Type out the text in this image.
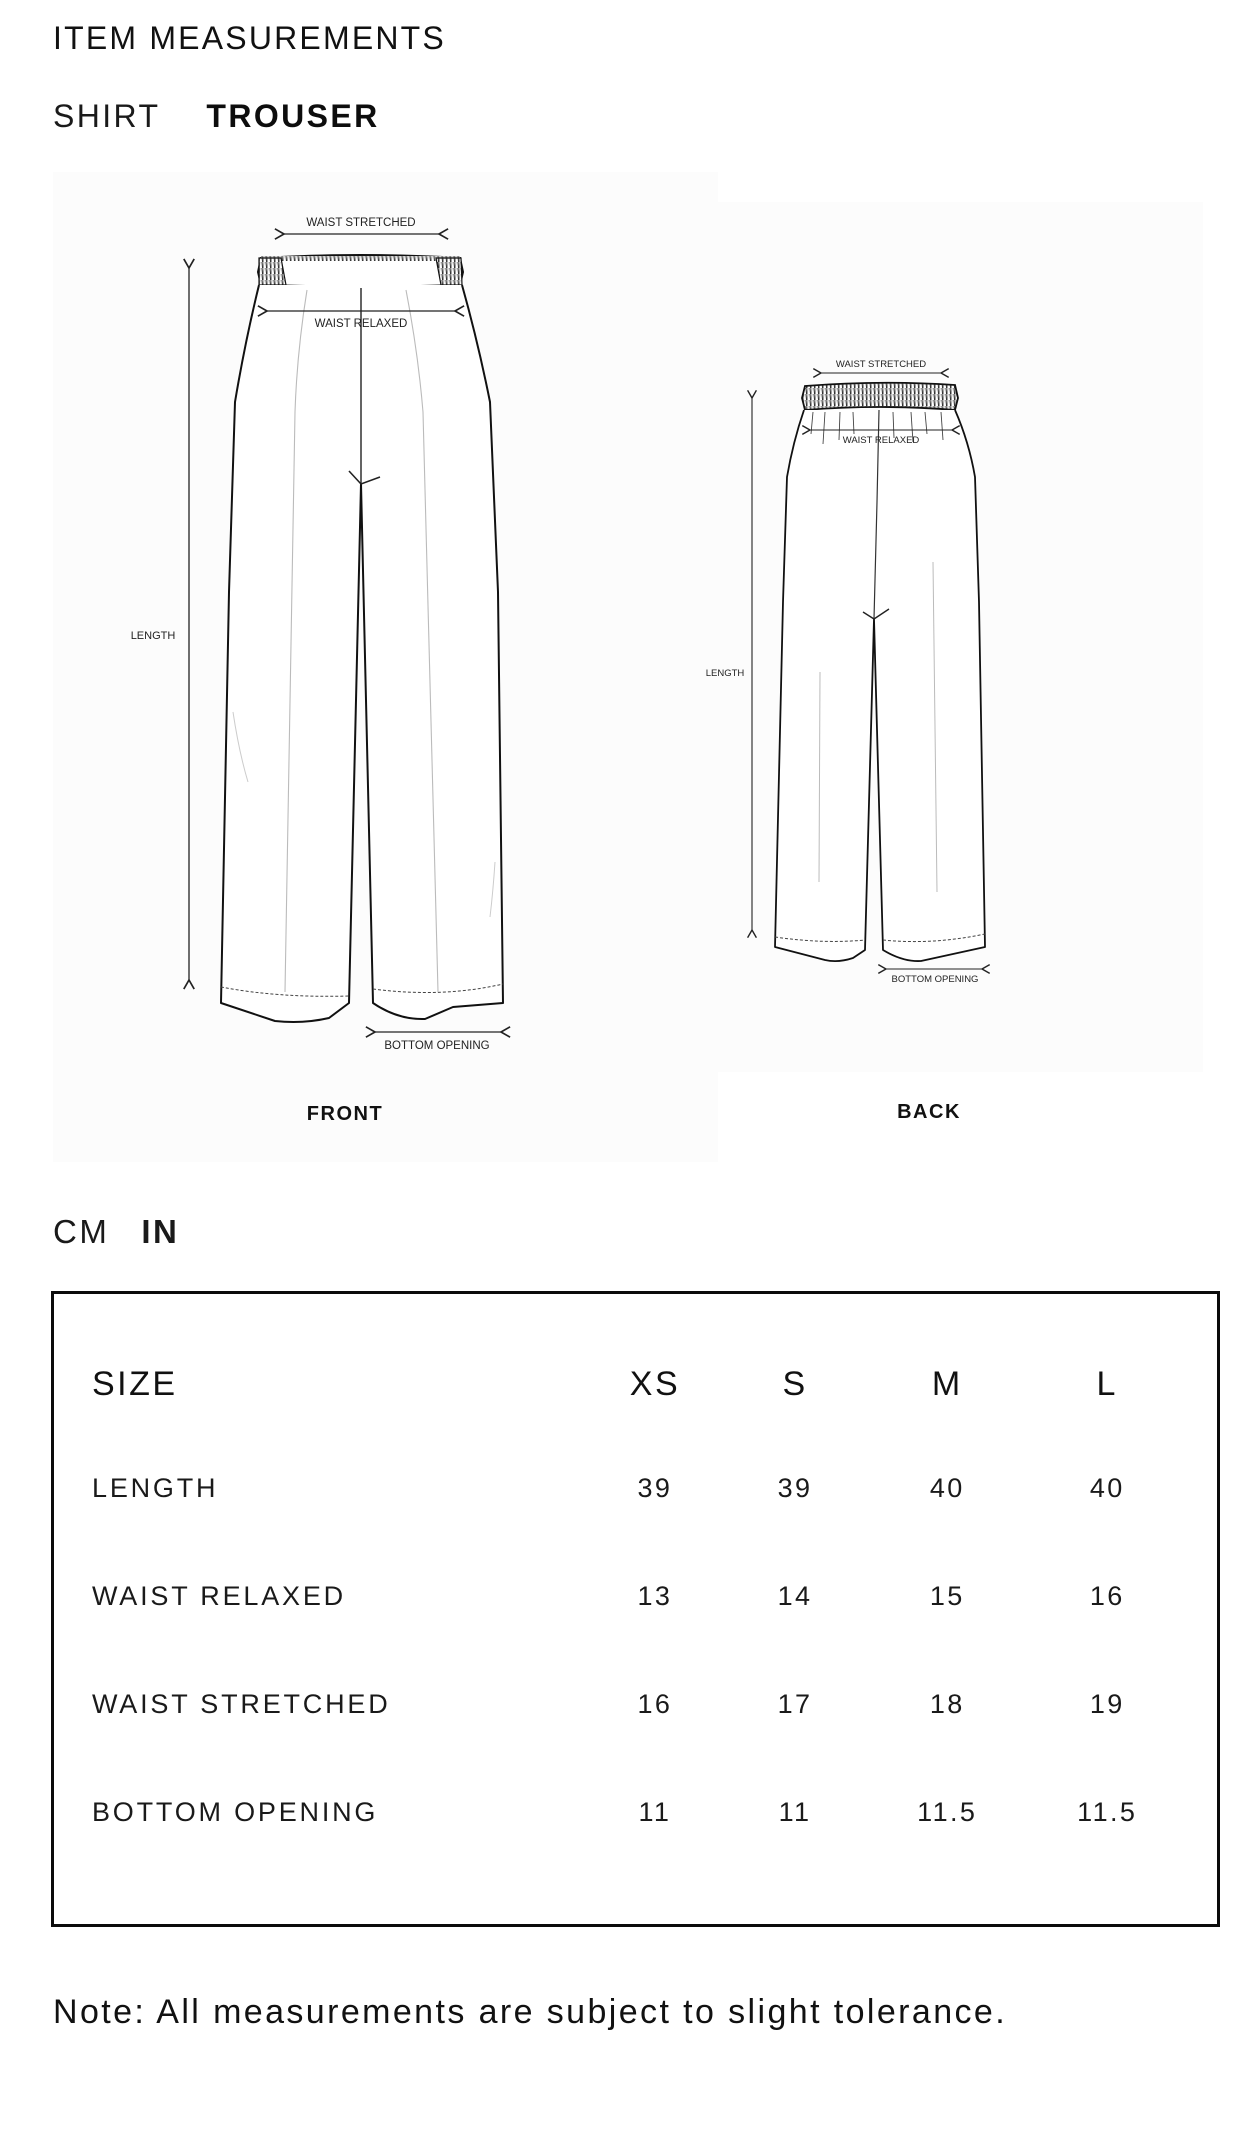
ITEM MEASUREMENTS
SHIRT TROUSER
WAIST STRETCHED
WAIST RELAXED
LENGTH
BOTTOM OPENING
FRONT
WAIST STRETCHED
WAIST RELAXED
LENGTH
BOTTOM OPENING
BACK
CM IN
SIZE	XS	S	M	L
LENGTH	39	39	40	40
WAIST RELAXED	13	14	15	16
WAIST STRETCHED	16	17	18	19
BOTTOM OPENING	11	11	11.5	11.5
Note: All measurements are subject to slight tolerance.
